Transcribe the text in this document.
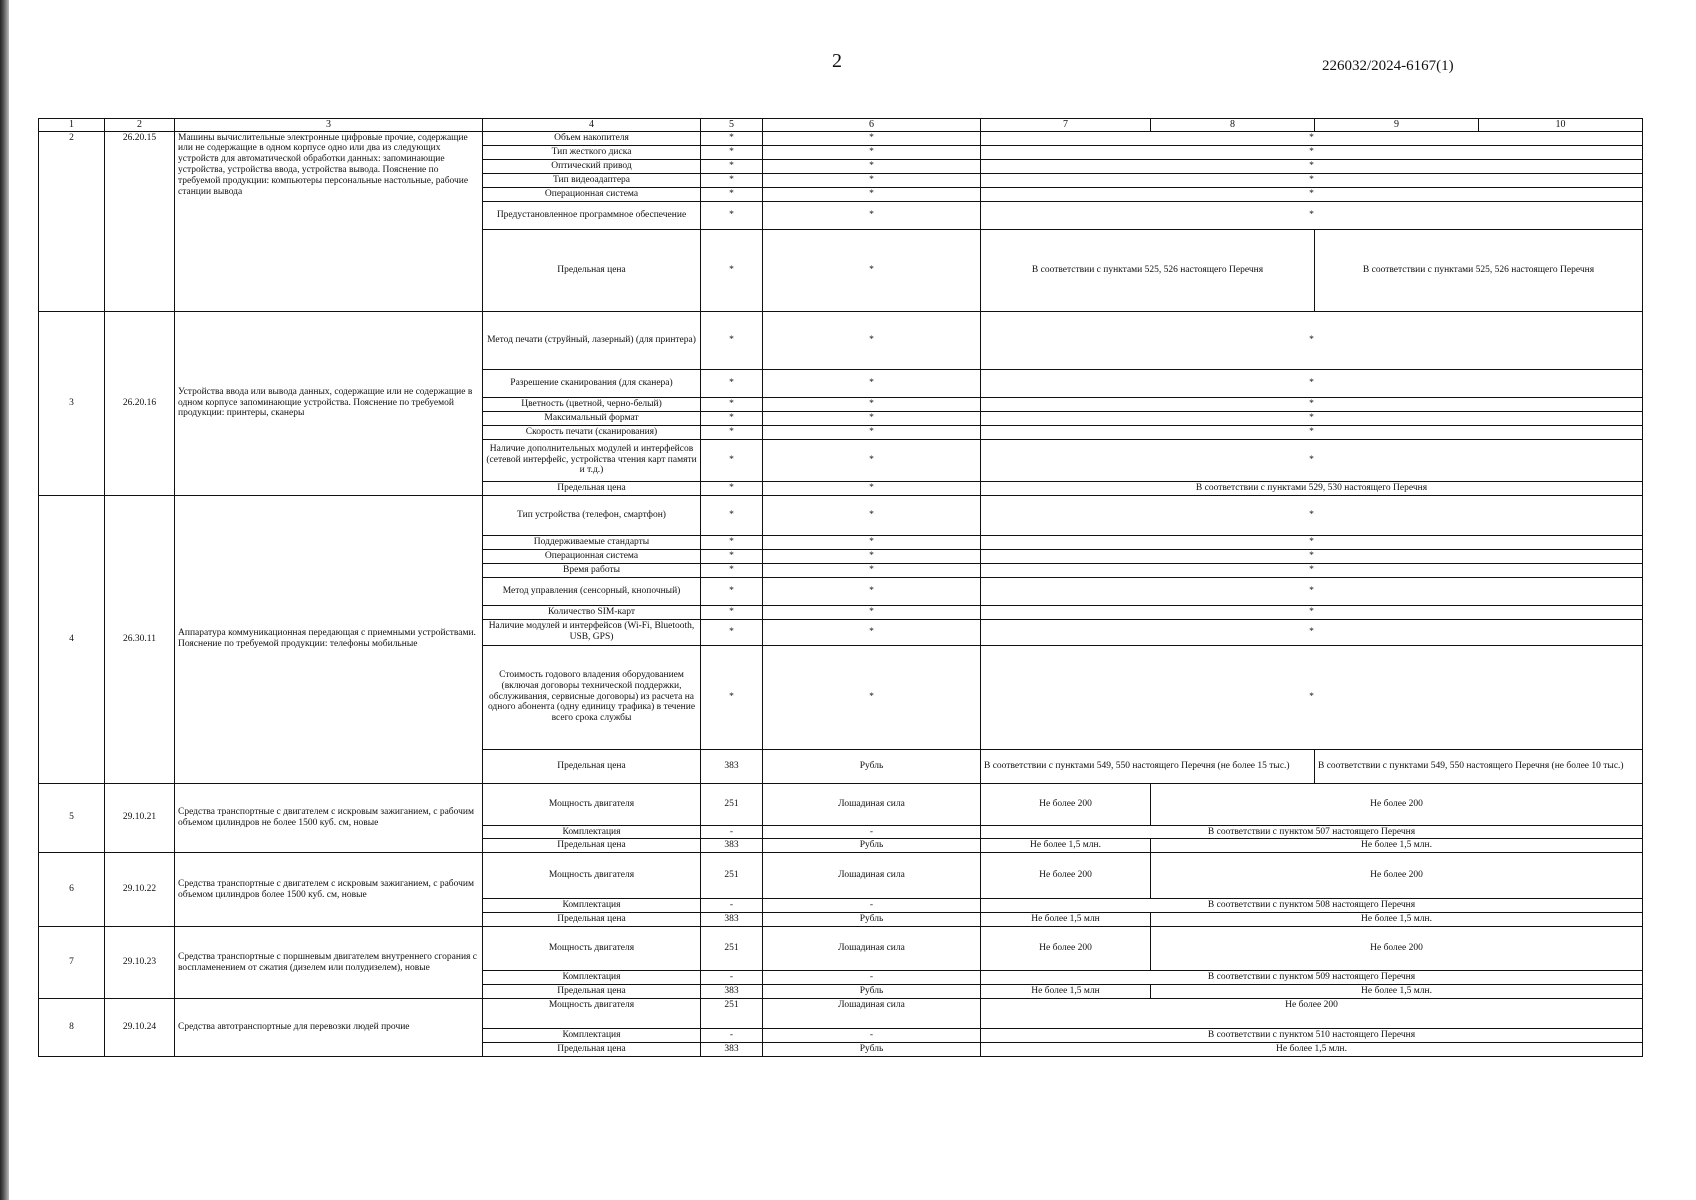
2	226032/2024-6167(1)
1	2	3	4	5	6	7	8	9	10
2	26.20.15	Машины вычислительные электронные цифровые прочие, содержащие или не содержащие в одном корпусе одно или два из следующих устройств для автоматической обработки данных: запоминающие устройства, устройства ввода, устройства вывода. Пояснение по требуемой продукции: компьютеры персональные настольные, рабочие станции вывода	Объем накопителя	*	*	*			
			Тип жесткого диска	*	*	*			
			Оптический привод	*	*	*			
			Тип видеоадаптера	*	*	*			
			Операционная система	*	*	*			
			Предустановленное программное обеспечение	*	*	*			
			Предельная цена	*	*	В соответствии с пунктами 525, 526 настоящего Перечня		В соответствии с пунктами 525, 526 настоящего Перечня	
3	26.20.16	Устройства ввода или вывода данных, содержащие или не содержащие в одном корпусе запоминающие устройства. Пояснение по требуемой продукции: принтеры, сканеры	Метод печати (струйный, лазерный) (для принтера)	*	*	*			
			Разрешение сканирования (для сканера)	*	*	*			
			Цветность (цветной, черно-белый)	*	*	*			
			Максимальный формат	*	*	*			
			Скорость печати (сканирования)	*	*	*			
			Наличие дополнительных модулей и интерфейсов (сетевой интерфейс, устройства чтения карт памяти и т.д.)	*	*	*			
			Предельная цена	*	*	В соответствии с пунктами 529, 530 настоящего Перечня			
4	26.30.11	Аппаратура коммуникационная передающая с приемными устройствами. Пояснение по требуемой продукции: телефоны мобильные	Тип устройства (телефон, смартфон)	*	*	*			
			Поддерживаемые стандарты	*	*	*			
			Операционная система	*	*	*			
			Время работы	*	*	*			
			Метод управления (сенсорный, кнопочный)	*	*	*			
			Количество SIM-карт	*	*	*			
			Наличие модулей и интерфейсов (Wi-Fi, Bluetooth, USB, GPS)	*	*	*			
			Стоимость годового владения оборудованием (включая договоры технической поддержки, обслуживания, сервисные договоры) из расчета на одного абонента (одну единицу трафика) в течение всего срока службы	*	*	*			
			Предельная цена	383	Рубль	В соответствии с пунктами 549, 550 настоящего Перечня (не более 15 тыс.)		В соответствии с пунктами 549, 550 настоящего Перечня (не более 10 тыс.)	
5	29.10.21	Средства транспортные с двигателем с искровым зажиганием, с рабочим объемом цилиндров не более 1500 куб. см, новые	Мощность двигателя	251	Лошадиная сила	Не более 200	Не более 200		
			Комплектация	-	-	В соответствии с пунктом 507 настоящего Перечня			
			Предельная цена	383	Рубль	Не более 1,5 млн.	Не более 1,5 млн.		
6	29.10.22	Средства транспортные с двигателем с искровым зажиганием, с рабочим объемом цилиндров более 1500 куб. см, новые	Мощность двигателя	251	Лошадиная сила	Не более 200	Не более 200		
			Комплектация	-	-	В соответствии с пунктом 508 настоящего Перечня			
			Предельная цена	383	Рубль	Не более 1,5 млн	Не более 1,5 млн.		
7	29.10.23	Средства транспортные с поршневым двигателем внутреннего сгорания с воспламенением от сжатия (дизелем или полудизелем), новые	Мощность двигателя	251	Лошадиная сила	Не более 200	Не более 200		
			Комплектация	-	-	В соответствии с пунктом 509 настоящего Перечня			
			Предельная цена	383	Рубль	Не более 1,5 млн	Не более 1,5 млн.		
8	29.10.24	Средства автотранспортные для перевозки людей прочие	Мощность двигателя	251	Лошадиная сила	Не более 200			
			Комплектация	-	-	В соответствии с пунктом 510 настоящего Перечня			
			Предельная цена	383	Рубль	Не более 1,5 млн.			
